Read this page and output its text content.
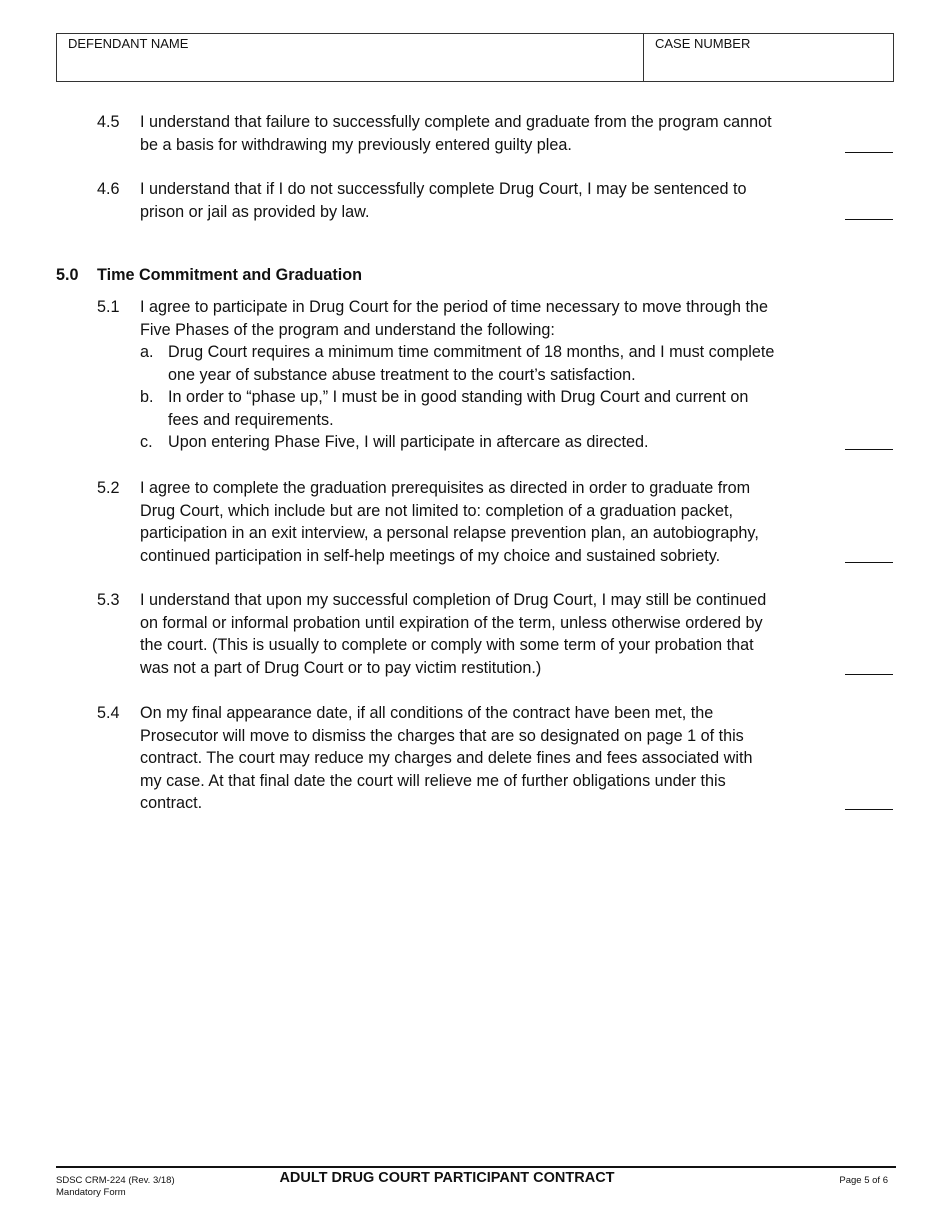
DEFENDANT NAME	CASE NUMBER
4.5 I understand that failure to successfully complete and graduate from the program cannot
be a basis for withdrawing my previously entered guilty plea.
4.6 I understand that if I do not successfully complete Drug Court, I may be sentenced to
prison or jail as provided by law.
5.0 Time Commitment and Graduation
5.1 I agree to participate in Drug Court for the period of time necessary to move through the
Five Phases of the program and understand the following:
a. Drug Court requires a minimum time commitment of 18 months, and I must complete
one year of substance abuse treatment to the court’s satisfaction.
b. In order to “phase up,” I must be in good standing with Drug Court and current on
fees and requirements.
c. Upon entering Phase Five, I will participate in aftercare as directed.
5.2 I agree to complete the graduation prerequisites as directed in order to graduate from
Drug Court, which include but are not limited to: completion of a graduation packet,
participation in an exit interview, a personal relapse prevention plan, an autobiography,
continued participation in self-help meetings of my choice and sustained sobriety.
5.3 I understand that upon my successful completion of Drug Court, I may still be continued
on formal or informal probation until expiration of the term, unless otherwise ordered by
the court. (This is usually to complete or comply with some term of your probation that
was not a part of Drug Court or to pay victim restitution.)
5.4 On my final appearance date, if all conditions of the contract have been met, the
Prosecutor will move to dismiss the charges that are so designated on page 1 of this
contract. The court may reduce my charges and delete fines and fees associated with
my case. At that final date the court will relieve me of further obligations under this
contract.
SDSC CRM-224 (Rev. 3/18)
Mandatory Form
ADULT DRUG COURT PARTICIPANT CONTRACT	Page 5 of 6
